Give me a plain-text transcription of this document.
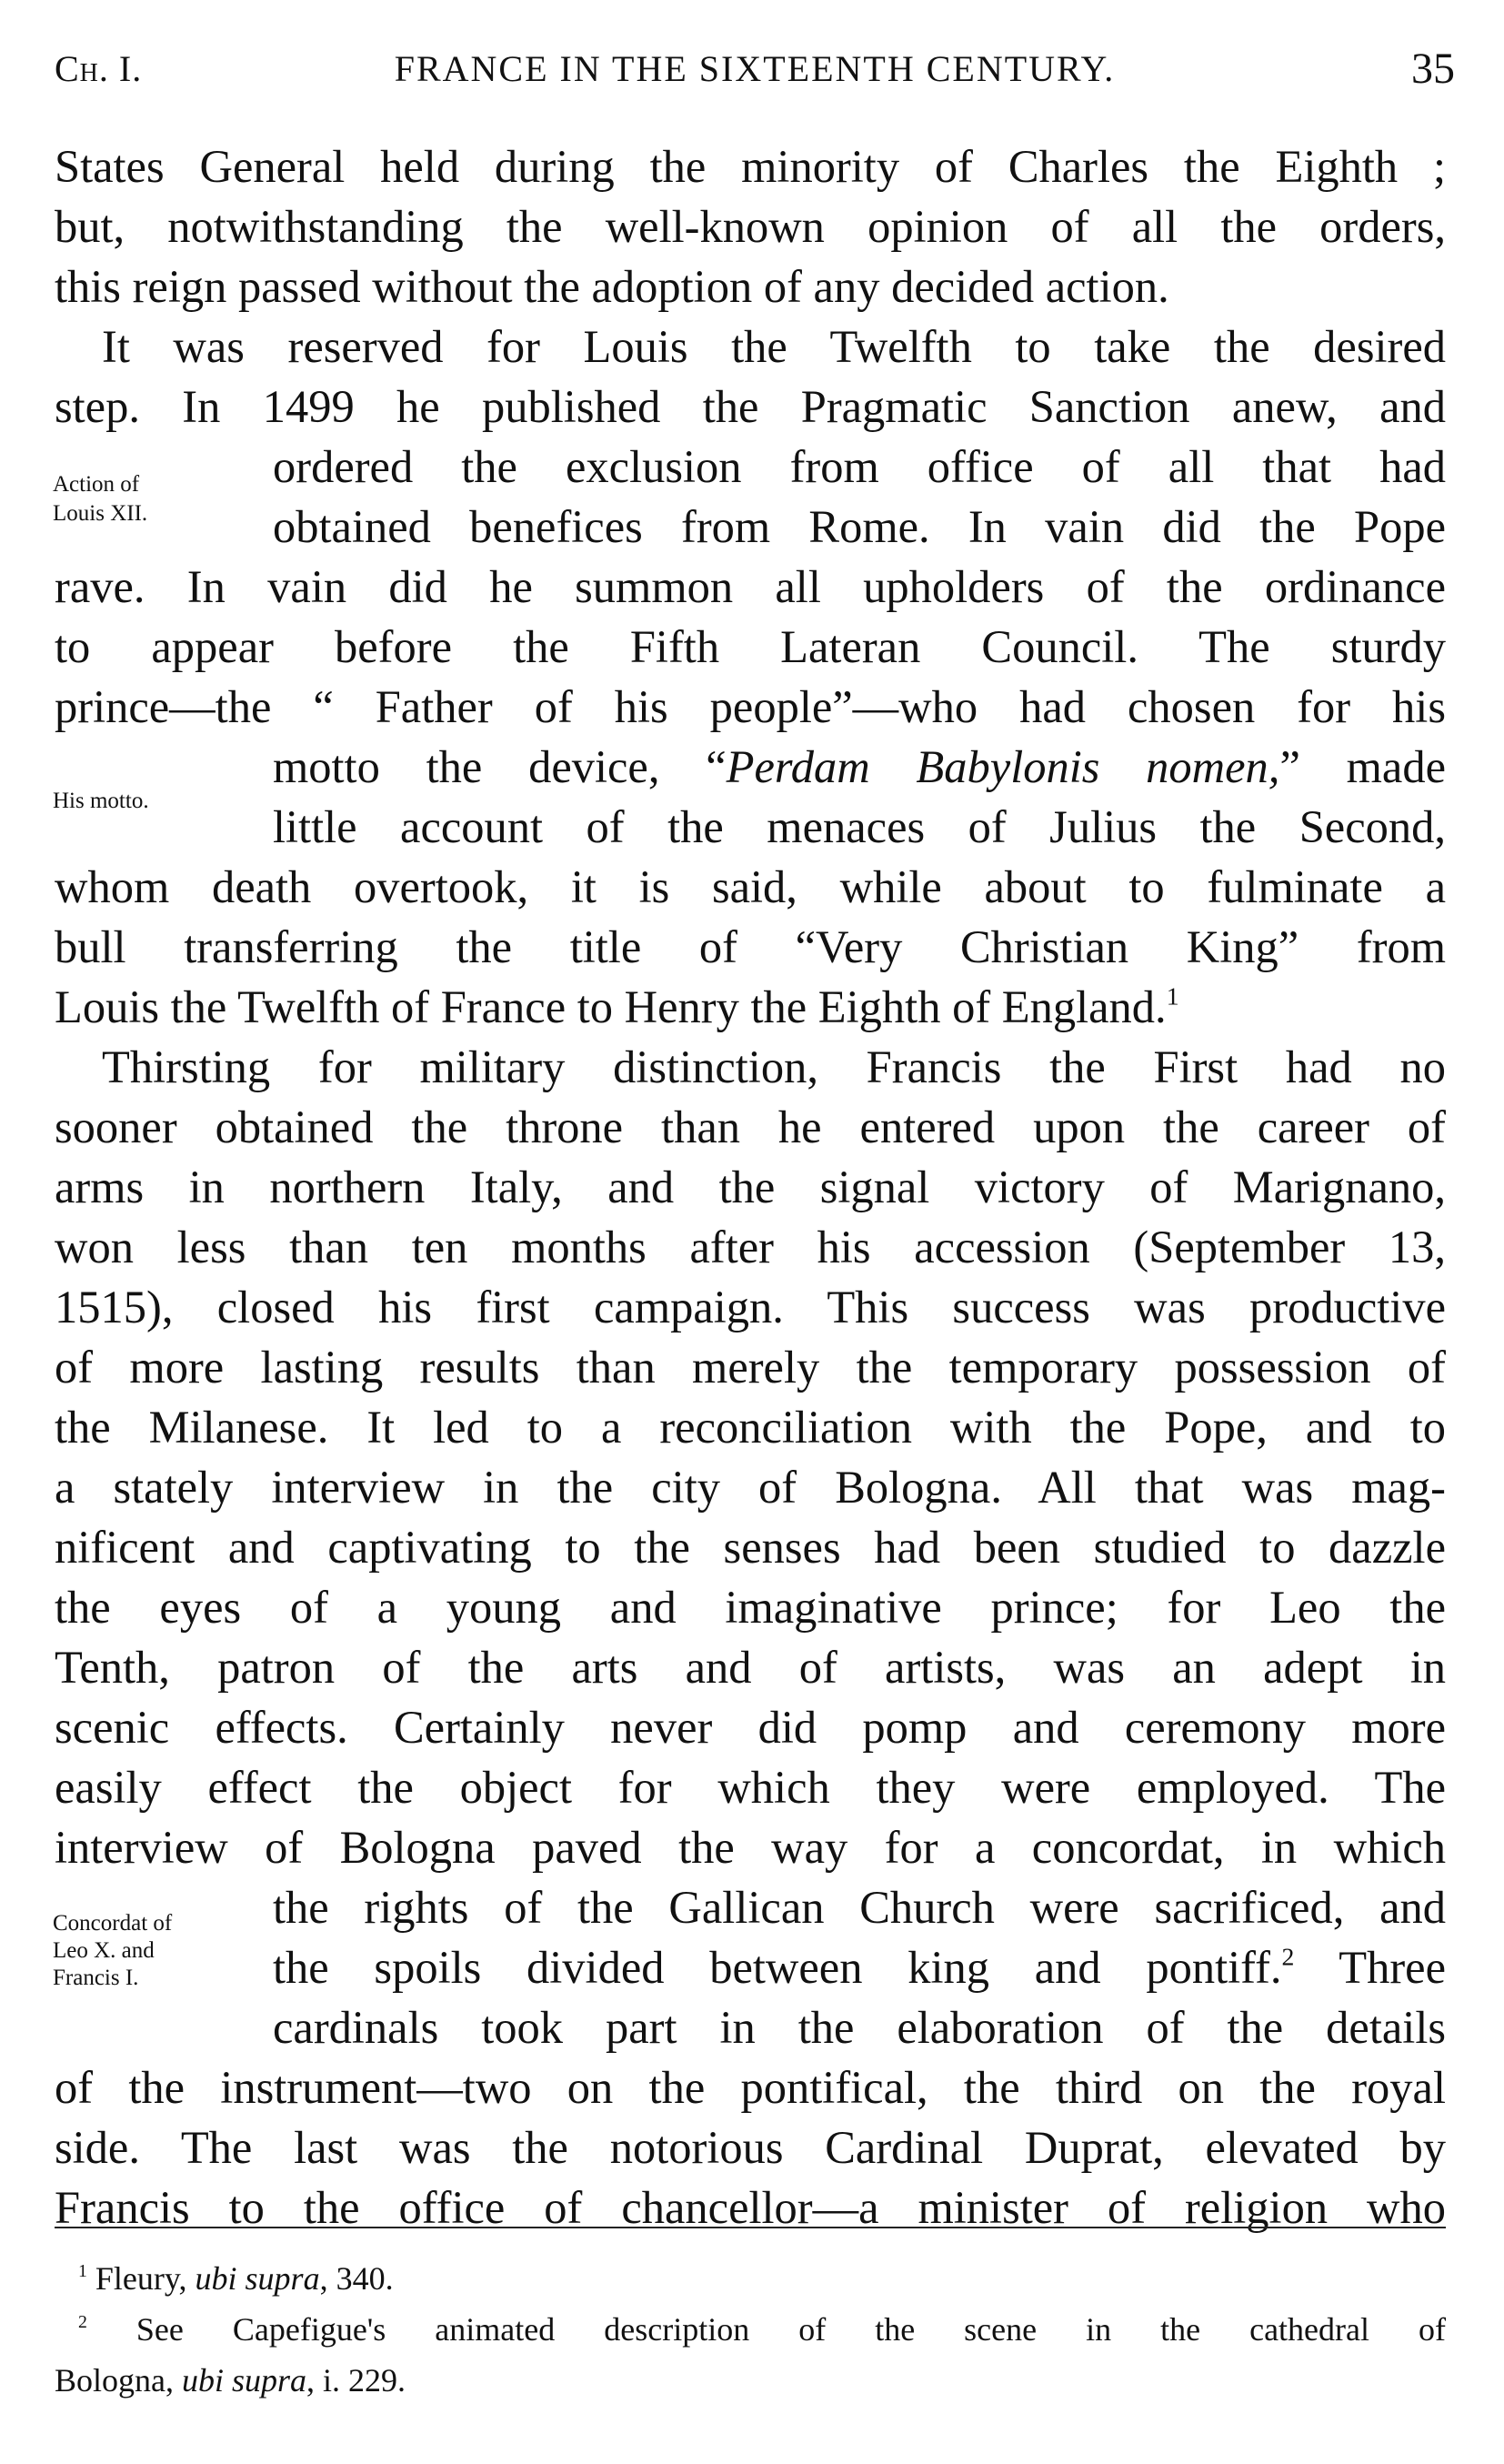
Ch. I.	FRANCE IN THE SIXTEENTH CENTURY.	35
Action of
Louis XII.
His motto.
Concordat of
Leo X. and
Francis I.
States General held during the minority of Charles the Eighth ;
but, notwithstanding the well-known opinion of all the orders,
this reign passed without the adoption of any decided action.
It was reserved for Louis the Twelfth to take the desired
step. In 1499 he published the Pragmatic Sanction anew, and
ordered the exclusion from office of all that had
obtained benefices from Rome. In vain did the Pope
rave. In vain did he summon all upholders of the ordinance
to appear before the Fifth Lateran Council. The sturdy
prince—the “ Father of his people”—who had chosen for his
motto the device, “Perdam Babylonis nomen,” made
little account of the menaces of Julius the Second,
whom death overtook, it is said, while about to fulminate a
bull transferring the title of “Very Christian King” from
Louis the Twelfth of France to Henry the Eighth of England.$^1$
Thirsting for military distinction, Francis the First had no
sooner obtained the throne than he entered upon the career of
arms in northern Italy, and the signal victory of Marignano,
won less than ten months after his accession (September 13,
1515), closed his first campaign. This success was productive
of more lasting results than merely the temporary possession of
the Milanese. It led to a reconciliation with the Pope, and to
a stately interview in the city of Bologna. All that was mag-
nificent and captivating to the senses had been studied to dazzle
the eyes of a young and imaginative prince; for Leo the
Tenth, patron of the arts and of artists, was an adept in
scenic effects. Certainly never did pomp and ceremony more
easily effect the object for which they were employed. The
interview of Bologna paved the way for a concordat, in which
the rights of the Gallican Church were sacrificed, and
the spoils divided between king and pontiff.$^2$ Three
cardinals took part in the elaboration of the details
of the instrument—two on the pontifical, the third on the royal
side. The last was the notorious Cardinal Duprat, elevated by
Francis to the office of chancellor—a minister of religion who
$^1$ Fleury, ubi supra, 340.
$^2$ See Capefigue's animated description of the scene in the cathedral of
Bologna, ubi supra, i. 229.
